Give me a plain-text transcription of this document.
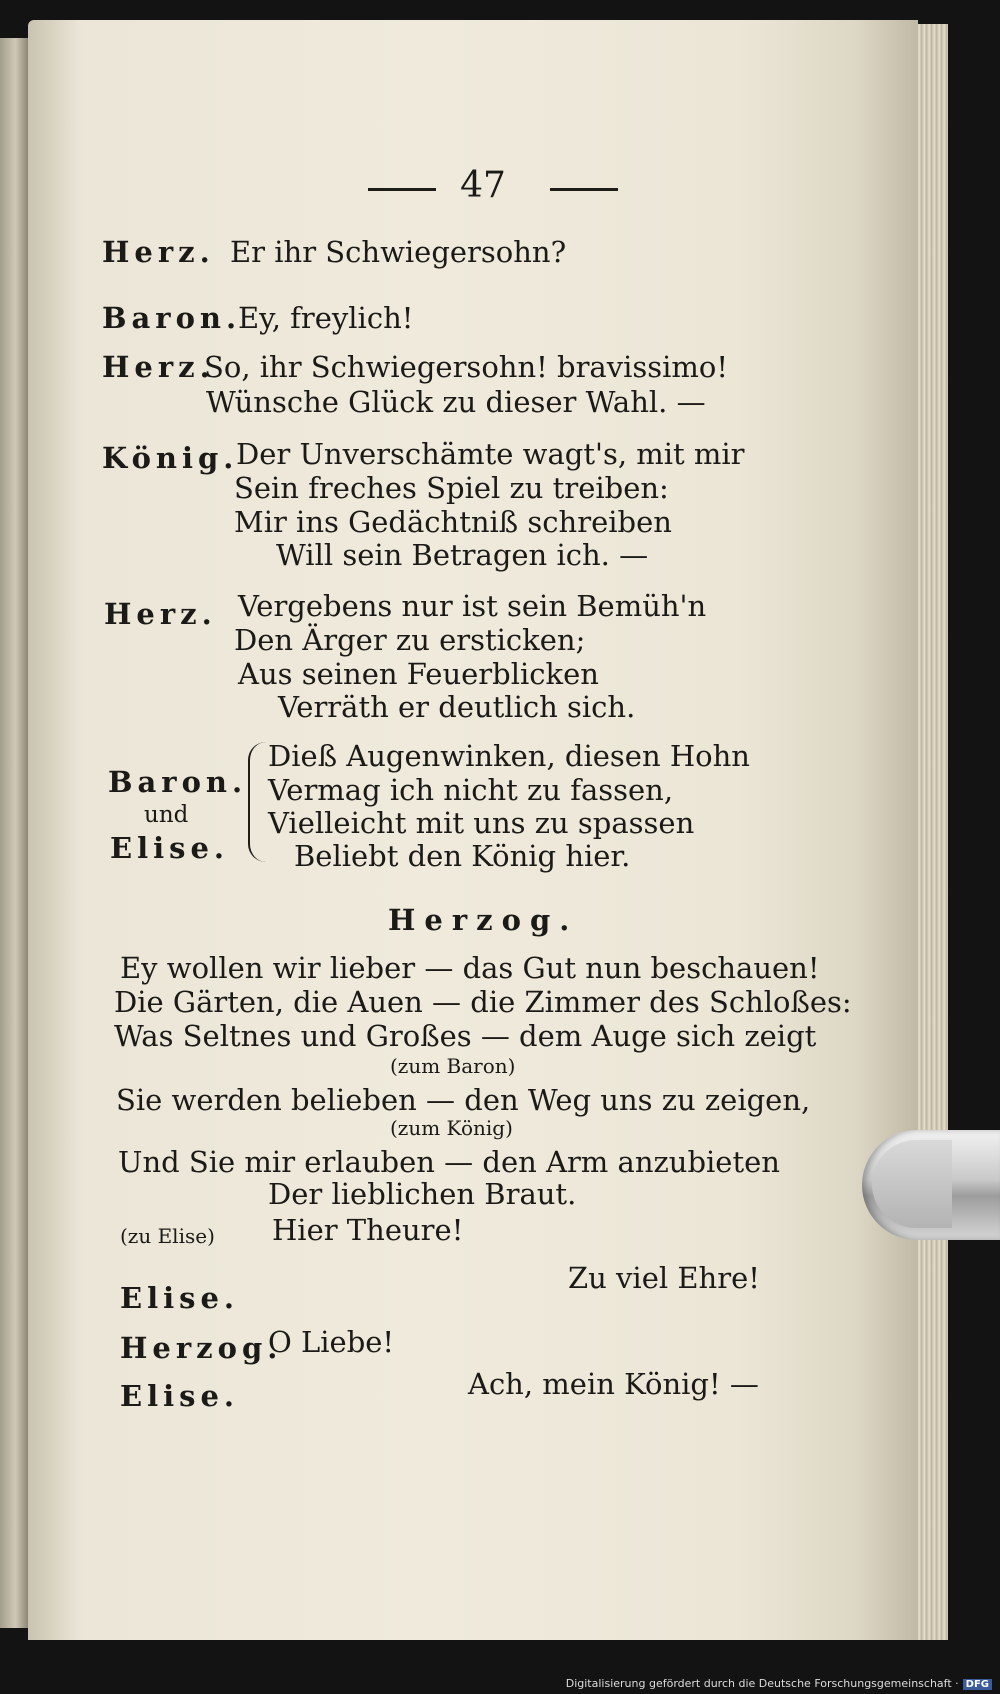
47
Herz. Er ihr Schwiegersohn?
Baron.
Ey, freylich!
Herz.
So, ihr Schwiegersohn! bravissimo!
Wünsche Glück zu dieser Wahl. —
König.
Der Unverschämte wagt's, mit mir
Sein freches Spiel zu treiben:
Mir ins Gedächtniß schreiben
Will sein Betragen ich. —
Herz. Vergebens nur ist sein Bemüh'n
Den Ärger zu ersticken;
Aus seinen Feuerblicken
Verräth er deutlich sich.
Baron.
und
Elise.
Dieß Augenwinken, diesen Hohn
Vermag ich nicht zu fassen,
Vielleicht mit uns zu spassen
Beliebt den König hier.
Herzog.
Ey wollen wir lieber — das Gut nun beschauen!
Die Gärten, die Auen — die Zimmer des Schloßes:
Was Seltnes und Großes — dem Auge sich zeigt
(zum Baron)
Sie werden belieben — den Weg uns zu zeigen,
(zum König)
Und Sie mir erlauben — den Arm anzubieten
Der lieblichen Braut.
(zu Elise) Hier Theure!
Zu viel Ehre!
Elise.
Herzog.
O Liebe!
Ach, mein König! —
Elise.
Digitalisierung gefördert durch die Deutsche Forschungsgemeinschaft · DFG
